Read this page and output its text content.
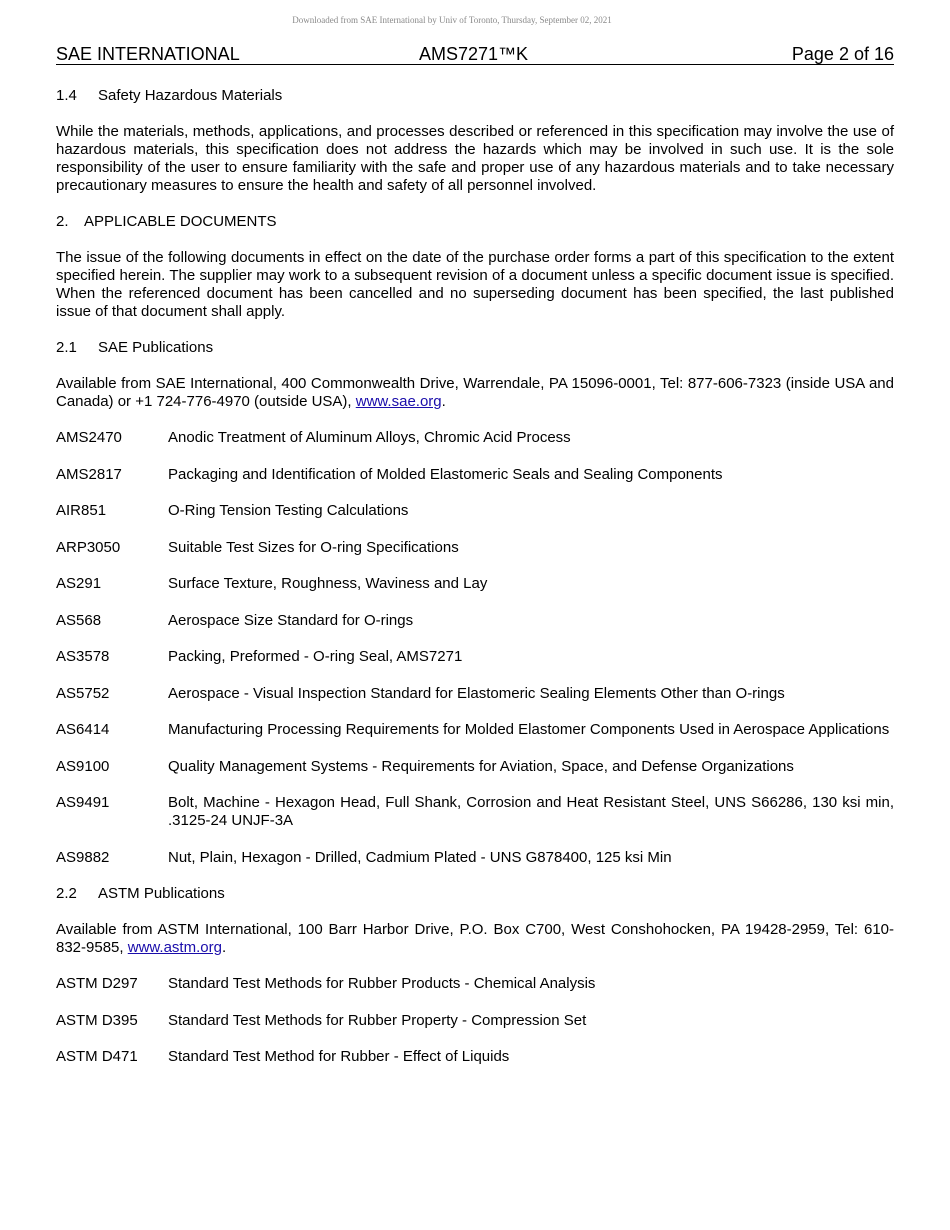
Downloaded from SAE International by Univ of Toronto, Thursday, September 02, 2021
SAE INTERNATIONAL	AMS7271™K	Page 2 of 16
1.4 Safety Hazardous Materials

While the materials, methods, applications, and processes described or referenced in this specification may involve the use of hazardous materials, this specification does not address the hazards which may be involved in such use. It is the sole responsibility of the user to ensure familiarity with the safe and proper use of any hazardous materials and to take necessary precautionary measures to ensure the health and safety of all personnel involved.

2. APPLICABLE DOCUMENTS

The issue of the following documents in effect on the date of the purchase order forms a part of this specification to the extent specified herein. The supplier may work to a subsequent revision of a document unless a specific document issue is specified. When the referenced document has been cancelled and no superseding document has been specified, the last published issue of that document shall apply.

2.1 SAE Publications

Available from SAE International, 400 Commonwealth Drive, Warrendale, PA 15096-0001, Tel: 877-606-7323 (inside USA and Canada) or +1 724-776-4970 (outside USA), www.sae.org.

AMS2470	Anodic Treatment of Aluminum Alloys, Chromic Acid Process
AMS2817	Packaging and Identification of Molded Elastomeric Seals and Sealing Components
AIR851	O-Ring Tension Testing Calculations
ARP3050	Suitable Test Sizes for O-ring Specifications
AS291	Surface Texture, Roughness, Waviness and Lay
AS568	Aerospace Size Standard for O-rings
AS3578	Packing, Preformed - O-ring Seal, AMS7271
AS5752	Aerospace - Visual Inspection Standard for Elastomeric Sealing Elements Other than O-rings
AS6414	Manufacturing Processing Requirements for Molded Elastomer Components Used in Aerospace Applications
AS9100	Quality Management Systems - Requirements for Aviation, Space, and Defense Organizations
AS9491	Bolt, Machine - Hexagon Head, Full Shank, Corrosion and Heat Resistant Steel, UNS S66286, 130 ksi min, .3125-24 UNJF-3A
AS9882	Nut, Plain, Hexagon - Drilled, Cadmium Plated - UNS G878400, 125 ksi Min
2.2 ASTM Publications

Available from ASTM International, 100 Barr Harbor Drive, P.O. Box C700, West Conshohocken, PA 19428-2959, Tel: 610-832-9585, www.astm.org.

ASTM D297	Standard Test Methods for Rubber Products - Chemical Analysis
ASTM D395	Standard Test Methods for Rubber Property - Compression Set
ASTM D471	Standard Test Method for Rubber - Effect of Liquids
